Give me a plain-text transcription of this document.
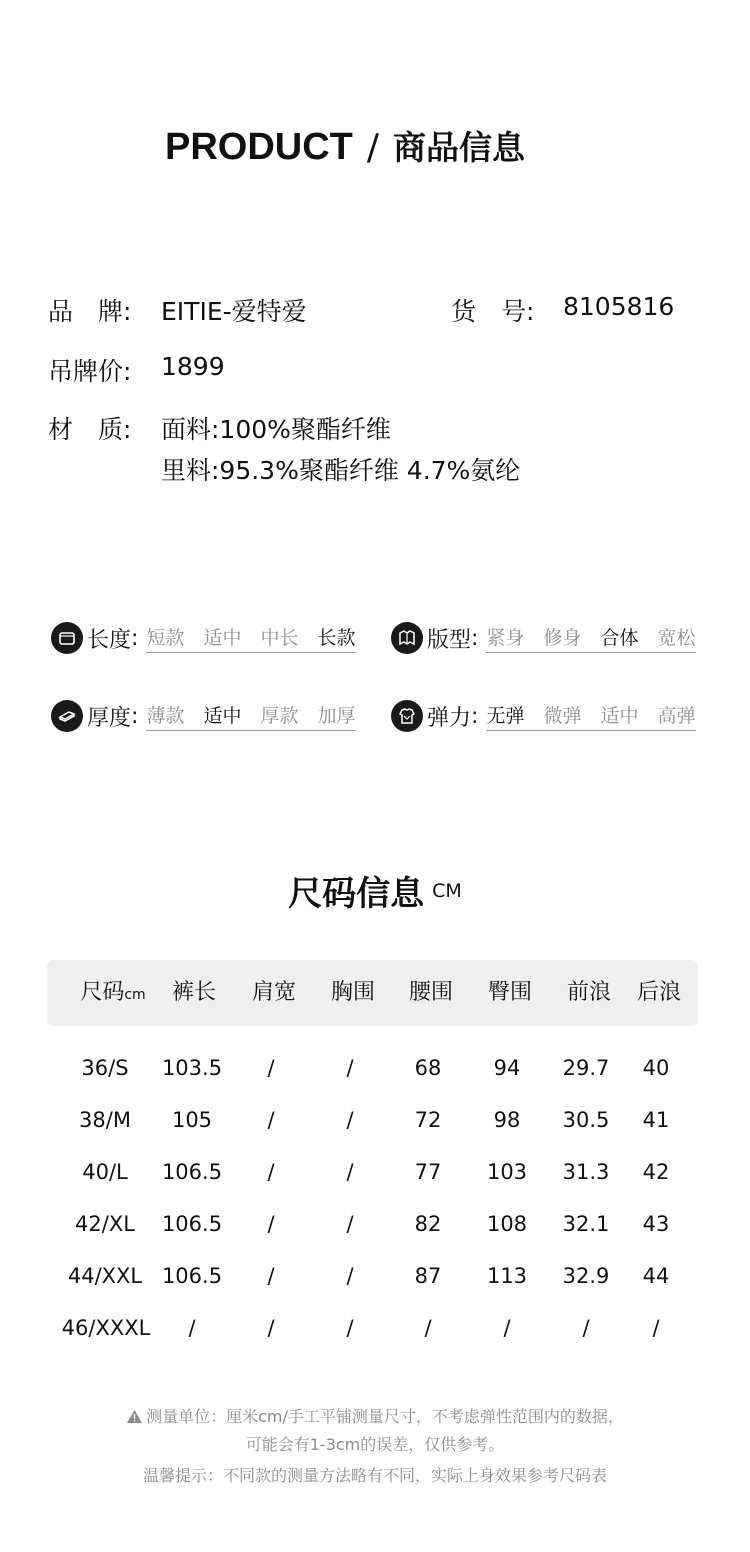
PRODUCT / 商品信息
品　牌: EITIE-爱特爱	货　号: 8105816
吊牌价: 1899
材　质: 面料:100%聚酯纤维
里料:95.3%聚酯纤维 4.7%氨纶
长度 : 短款 适中 中长 长款	版型 : 紧身 修身 合体 宽松
厚度 : 薄款 适中 厚款 加厚	弹力 : 无弹 微弹 适中 高弹
尺码信息 CM
尺码cm	裤长	肩宽	胸围	腰围	臀围	前浪	后浪
36/S	103.5	/	/	68	94	29.7	40
38/M	105	/	/	72	98	30.5	41
40/L	106.5	/	/	77	103	31.3	42
42/XL	106.5	/	/	82	108	32.1	43
44/XXL 106.5	/	/	87	113	32.9	44
46/XXXL	/	/	/	/	/	/	/
测量单位：厘米cm/手工平铺测量尺寸，不考虑弹性范围内的数据，
可能会有1-3cm的误差，仅供参考。
温馨提示：不同款的测量方法略有不同，实际上身效果参考尺码表
